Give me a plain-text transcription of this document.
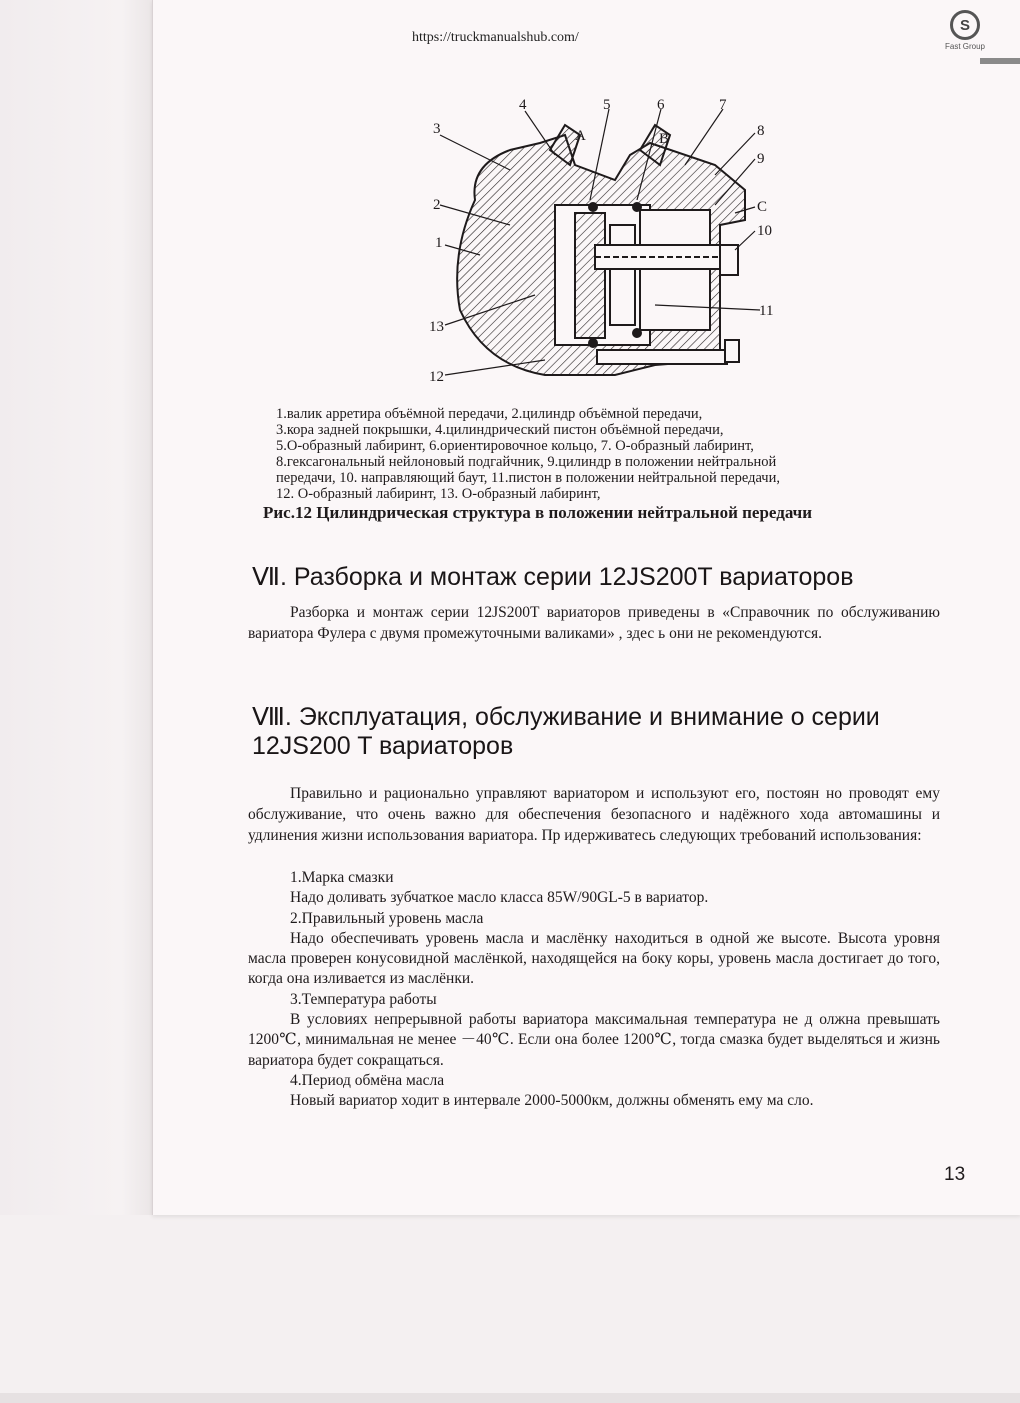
https://truckmanualshub.com/
S
Fast Group
4	5	6	7
A	B
3	8
9
2	C
10
1
11
13
12
1.валик арретира объёмной передачи, 2.цилиндр объёмной передачи,
3.кора задней покрышки, 4.цилиндрический пистон объёмной передачи,
5.О-образный лабиринт, 6.ориентировочное кольцо, 7. О-образный лабиринт,
8.гексагональный нейлоновый подгайчник, 9.цилиндр в положении нейтральной
передачи, 10. направляющий баут, 11.пистон в положении нейтральной передачи,
12. О-образный лабиринт, 13. О-образный лабиринт,
Рис.12 Цилиндрическая структура в положении нейтральной передачи
Ⅶ. Разборка и монтаж серии 12JS200T вариаторов
Разборка и монтаж серии 12JS200T вариаторов приведены в «Справочник по обслуживанию вариатора Фулера с двумя промежуточными валиками» , здес ь они не рекомендуются.
Ⅷ. Эксплуатация, обслуживание и внимание о серии 12JS200 T вариаторов
Правильно и рационально управляют вариатором и используют его, постоян но проводят ему обслуживание, что очень важно для обеспечения безопасного и надёжного хода автомашины и удлинения жизни использования вариатора. Пр идерживатесь следующих требований использования:
1.Марка смазки
Надо доливать зубчаткое масло класса 85W/90GL-5 в вариатор.
2.Правильный уровень масла
Надо обеспечивать уровень масла и маслёнку находиться в одной же высоте. Высота уровня масла проверен конусовидной маслёнкой, находящейся на боку коры, уровень масла достигает до того, когда она изливается из маслёнки.
3.Температура работы
В условиях непрерывной работы вариатора максимальная температура не д олжна превышать 1200℃, минимальная не менее －40℃. Если она более 1200℃, тогда смазка будет выделяться и жизнь вариатора будет сокращаться.
4.Период обмёна масла
Новый вариатор ходит в интервале 2000-5000км, должны обменять ему ма сло.
13
